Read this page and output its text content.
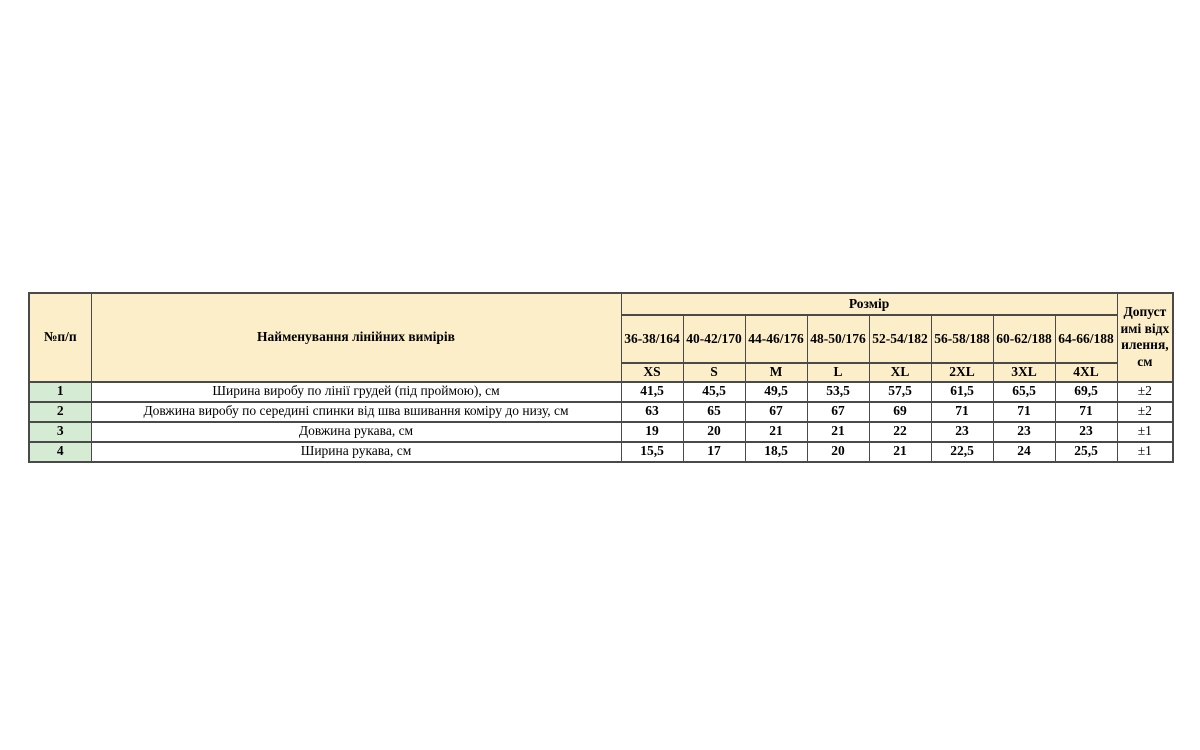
№п/п	Найменування лінійних вимірів	Розмір								Допустимі відхилення, см
		36-38/164	40-42/170	44-46/176	48-50/176	52-54/182	56-58/188	60-62/188	64-66/188	
		XS	S	M	L	XL	2XL	3XL	4XL	
1	Ширина виробу по лінії грудей (під проймою), см	41,5	45,5	49,5	53,5	57,5	61,5	65,5	69,5	±2
2	Довжина виробу по середині спинки від шва вшивання коміру до низу, см	63	65	67	67	69	71	71	71	±2
3	Довжина рукава, см	19	20	21	21	22	23	23	23	±1
4	Ширина рукава, см	15,5	17	18,5	20	21	22,5	24	25,5	±1
